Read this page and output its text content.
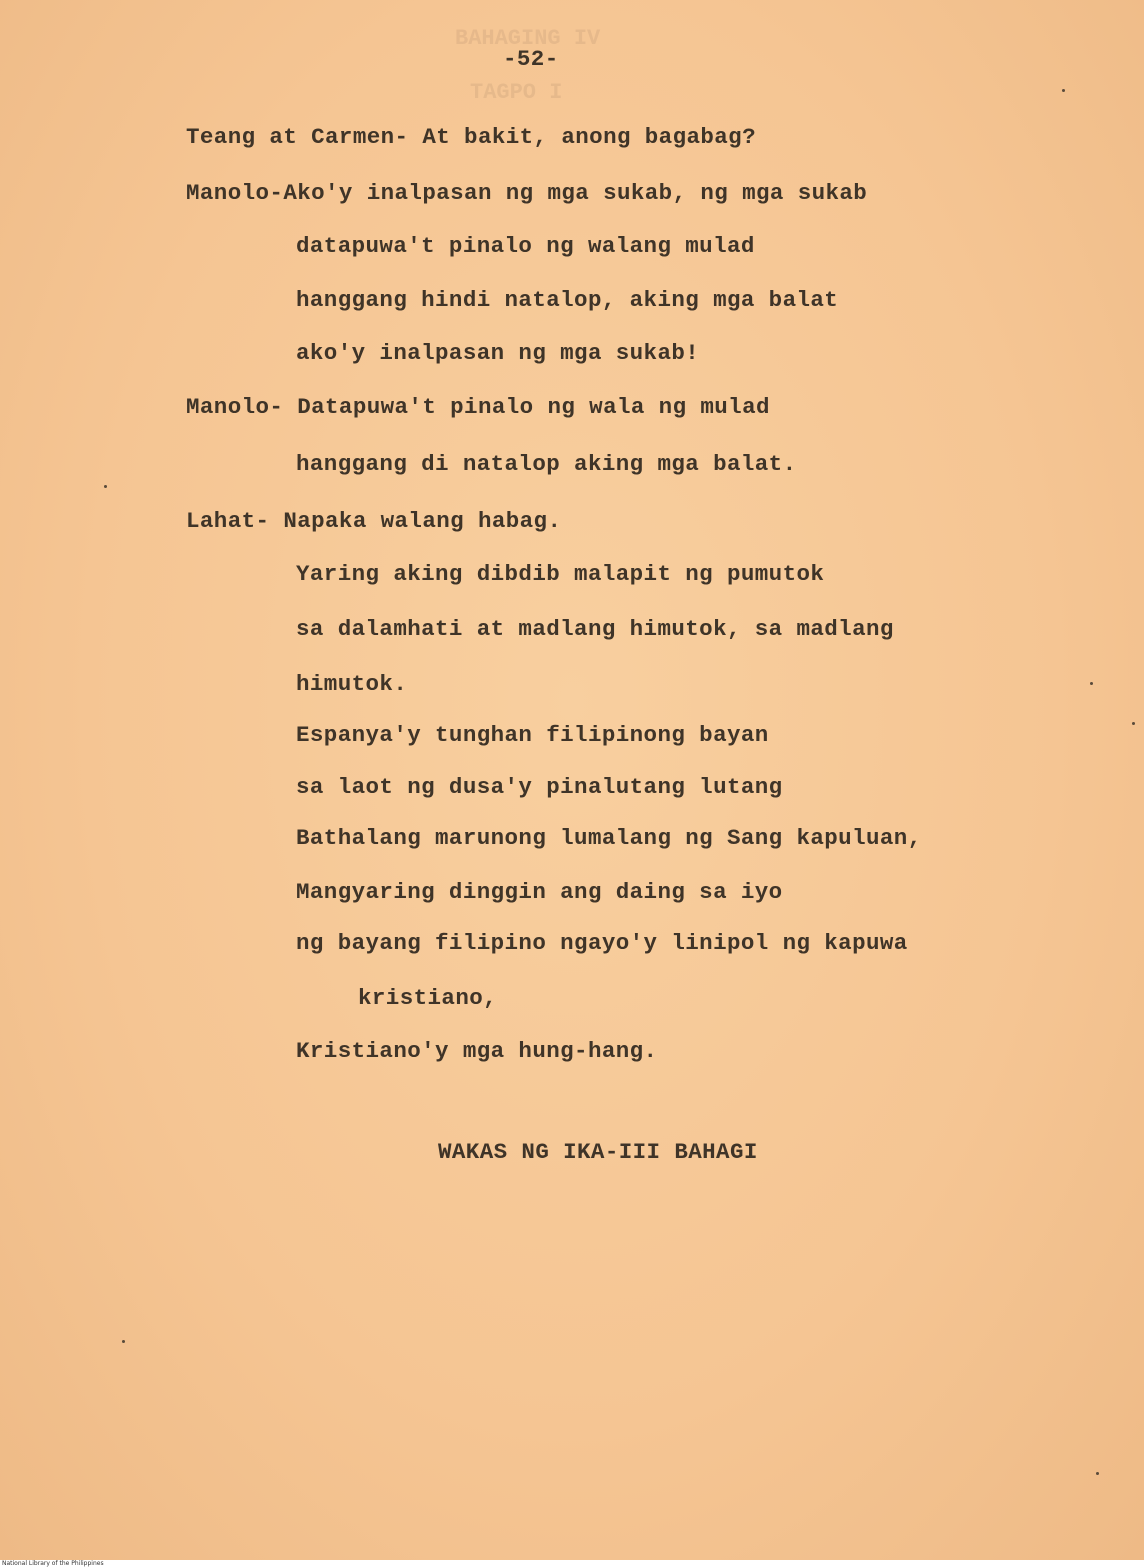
BAHAGING IV
TAGPO I
-52-
Teang at Carmen- At bakit, anong bagabag?
Manolo-Ako'y inalpasan ng mga sukab, ng mga sukab
datapuwa't pinalo ng walang mulad
hanggang hindi natalop, aking mga balat
ako'y inalpasan ng mga sukab!
Manolo- Datapuwa't pinalo ng wala ng mulad
hanggang di natalop aking mga balat.
Lahat- Napaka walang habag.
Yaring aking dibdib malapit ng pumutok
sa dalamhati at madlang himutok, sa madlang
himutok.
Espanya'y tunghan filipinong bayan
sa laot ng dusa'y pinalutang lutang
Bathalang marunong lumalang ng Sang kapuluan,
Mangyaring dinggin ang daing sa iyo
ng bayang filipino ngayo'y linipol ng kapuwa
kristiano,
Kristiano'y mga hung-hang.
WAKAS NG IKA-III BAHAGI
National Library of the Philippines
